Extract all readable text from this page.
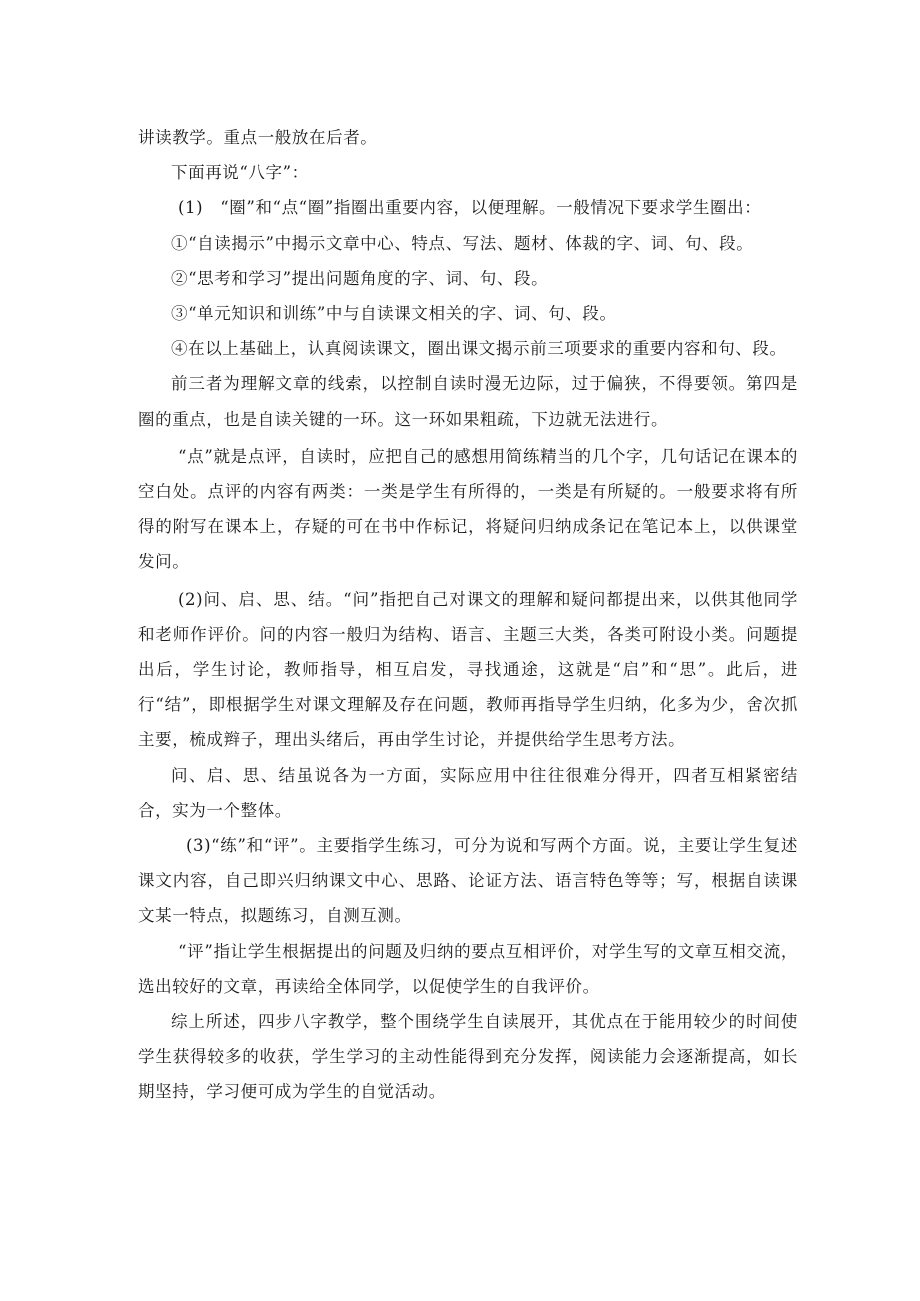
讲读教学。重点一般放在后者。

下面再说“八字”：

(1)　“圈”和“点“圈”指圈出重要内容，以便理解。一般情况下要求学生圈出：

①“自读揭示”中揭示文章中心、特点、写法、题材、体裁的字、词、句、段。

②“思考和学习”提出问题角度的字、词、句、段。

③“单元知识和训练”中与自读课文相关的字、词、句、段。

④在以上基础上，认真阅读课文，圈出课文揭示前三项要求的重要内容和句、段。

前三者为理解文章的线索，以控制自读时漫无边际，过于偏狭，不得要领。第四是圈的重点，也是自读关键的一环。这一环如果粗疏，下边就无法进行。

“点”就是点评，自读时，应把自己的感想用简练精当的几个字，几句话记在课本的空白处。点评的内容有两类：一类是学生有所得的，一类是有所疑的。一般要求将有所得的附写在课本上，存疑的可在书中作标记，将疑问归纳成条记在笔记本上，以供课堂发问。

(2)问、启、思、结。“问”指把自己对课文的理解和疑问都提出来，以供其他同学和老师作评价。问的内容一般归为结构、语言、主题三大类，各类可附设小类。问题提出后，学生讨论，教师指导，相互启发，寻找通途，这就是“启”和“思”。此后，进行“结”，即根据学生对课文理解及存在问题，教师再指导学生归纳，化多为少，舍次抓主要，梳成辫子，理出头绪后，再由学生讨论，并提供给学生思考方法。

问、启、思、结虽说各为一方面，实际应用中往往很难分得开，四者互相紧密结合，实为一个整体。

(3)“练”和“评”。主要指学生练习，可分为说和写两个方面。说，主要让学生复述课文内容，自己即兴归纳课文中心、思路、论证方法、语言特色等等；写，根据自读课文某一特点，拟题练习，自测互测。

“评”指让学生根据提出的问题及归纳的要点互相评价，对学生写的文章互相交流，选出较好的文章，再读给全体同学，以促使学生的自我评价。

综上所述，四步八字教学，整个围绕学生自读展开，其优点在于能用较少的时间使学生获得较多的收获，学生学习的主动性能得到充分发挥，阅读能力会逐渐提高，如长期坚持，学习便可成为学生的自觉活动。
